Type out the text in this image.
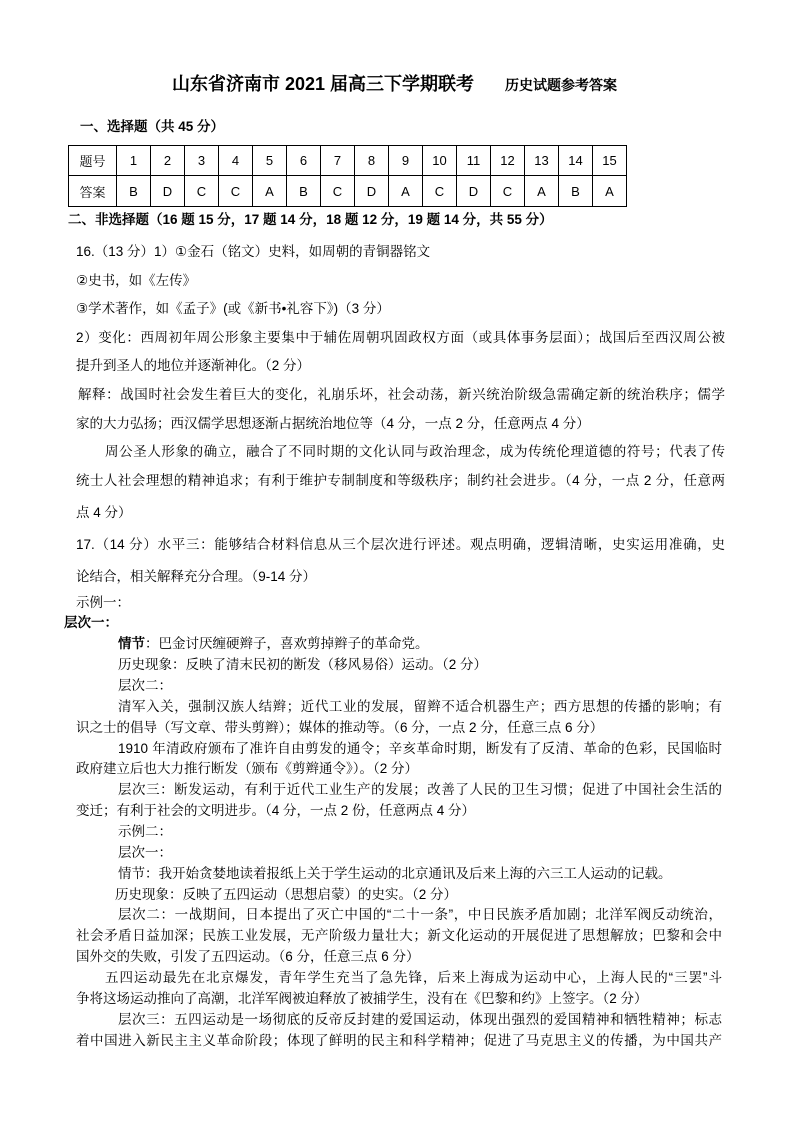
山东省济南市 2021 届高三下学期联考 历史试题参考答案
一、选择题（共 45 分）
题号	1	2	3	4	5	6	7	8	9	10	11	12	13	14	15
答案	B	D	C	C	A	B	C	D	A	C	D	C	A	B	A
二、非选择题（16 题 15 分，17 题 14 分，18 题 12 分，19 题 14 分，共 55 分）
16.（13 分）1）①金石（铭文）史料，如周朝的青铜器铭文
②史书，如《左传》
③学术著作，如《孟子》(或《新书•礼容下》)（3 分）
2）变化：西周初年周公形象主要集中于辅佐周朝巩固政权方面（或具体事务层面）；战国后至西汉周公被
提升到圣人的地位并逐渐神化。（2 分）
解释：战国时社会发生着巨大的变化，礼崩乐坏，社会动荡，新兴统治阶级急需确定新的统治秩序；儒学
家的大力弘扬；西汉儒学思想逐渐占据统治地位等（4 分，一点 2 分，任意两点 4 分）
周公圣人形象的确立，融合了不同时期的文化认同与政治理念，成为传统伦理道德的符号；代表了传
统士人社会理想的精神追求；有利于维护专制制度和等级秩序；制约社会进步。（4 分，一点 2 分，任意两
点 4 分）
17.（14 分）水平三：能够结合材料信息从三个层次进行评述。观点明确，逻辑清晰，史实运用准确，史
论结合，相关解释充分合理。（9-14 分）
示例一：
层次一：
情节：巴金讨厌缠硬辫子，喜欢剪掉辫子的革命党。
历史现象：反映了清末民初的断发（移风易俗）运动。（2 分）
层次二：
清军入关，强制汉族人结辫；近代工业的发展，留辫不适合机器生产；西方思想的传播的影响；有
识之士的倡导（写文章、带头剪辫）；媒体的推动等。（6 分，一点 2 分，任意三点 6 分）
1910 年清政府颁布了准许自由剪发的通令；辛亥革命时期，断发有了反清、革命的色彩，民国临时
政府建立后也大力推行断发（颁布《剪辫通令》）。（2 分）
层次三：断发运动，有利于近代工业生产的发展；改善了人民的卫生习惯；促进了中国社会生活的
变迁；有利于社会的文明进步。（4 分，一点 2 份，任意两点 4 分）
示例二：
层次一：
情节：我开始贪婪地读着报纸上关于学生运动的北京通讯及后来上海的六三工人运动的记载。
历史现象：反映了五四运动（思想启蒙）的史实。（2 分）
层次二：一战期间，日本提出了灭亡中国的“二十一条”，中日民族矛盾加剧；北洋军阀反动统治，
社会矛盾日益加深；民族工业发展，无产阶级力量壮大；新文化运动的开展促进了思想解放；巴黎和会中
国外交的失败，引发了五四运动。（6 分，任意三点 6 分）
五四运动最先在北京爆发，青年学生充当了急先锋，后来上海成为运动中心，上海人民的“三罢”斗
争将这场运动推向了高潮，北洋军阀被迫释放了被捕学生，没有在《巴黎和约》上签字。（2 分）
层次三：五四运动是一场彻底的反帝反封建的爱国运动，体现出强烈的爱国精神和牺牲精神；标志
着中国进入新民主主义革命阶段；体现了鲜明的民主和科学精神；促进了马克思主义的传播，为中国共产
